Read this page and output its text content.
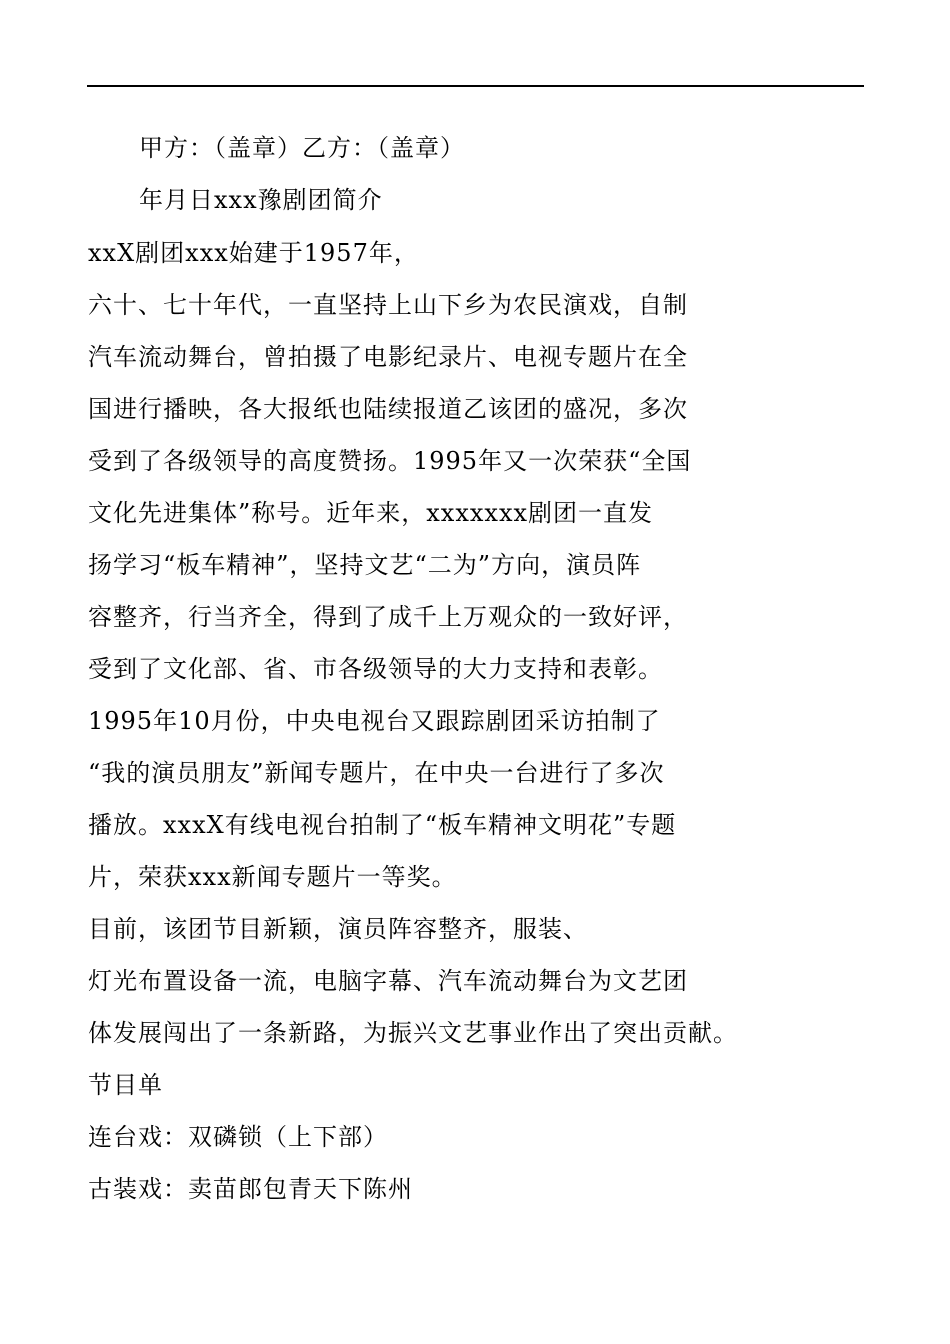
甲方：（盖章）乙方：（盖章）
年月日xxx豫剧团简介
xxX剧团xxx始建于1957年，
六十、七十年代，一直坚持上山下乡为农民演戏，自制
汽车流动舞台，曾拍摄了电影纪录片、电视专题片在全
国进行播映，各大报纸也陆续报道乙该团的盛况，多次
受到了各级领导的高度赞扬。1995年又一次荣获“全国
文化先进集体”称号。近年来，xxxxxxx剧团一直发
扬学习“板车精神”，坚持文艺“二为”方向，演员阵
容整齐，行当齐全，得到了成千上万观众的一致好评，
受到了文化部、省、市各级领导的大力支持和表彰。
1995年10月份，中央电视台又跟踪剧团采访拍制了
“我的演员朋友”新闻专题片，在中央一台进行了多次
播放。xxxX有线电视台拍制了“板车精神文明花”专题
片，荣获xxx新闻专题片一等奖。
目前，该团节目新颖，演员阵容整齐，服装、
灯光布置设备一流，电脑字幕、汽车流动舞台为文艺团
体发展闯出了一条新路，为振兴文艺事业作出了突出贡献。
节目单
连台戏：双磷锁（上下部）
古装戏：卖苗郎包青天下陈州
